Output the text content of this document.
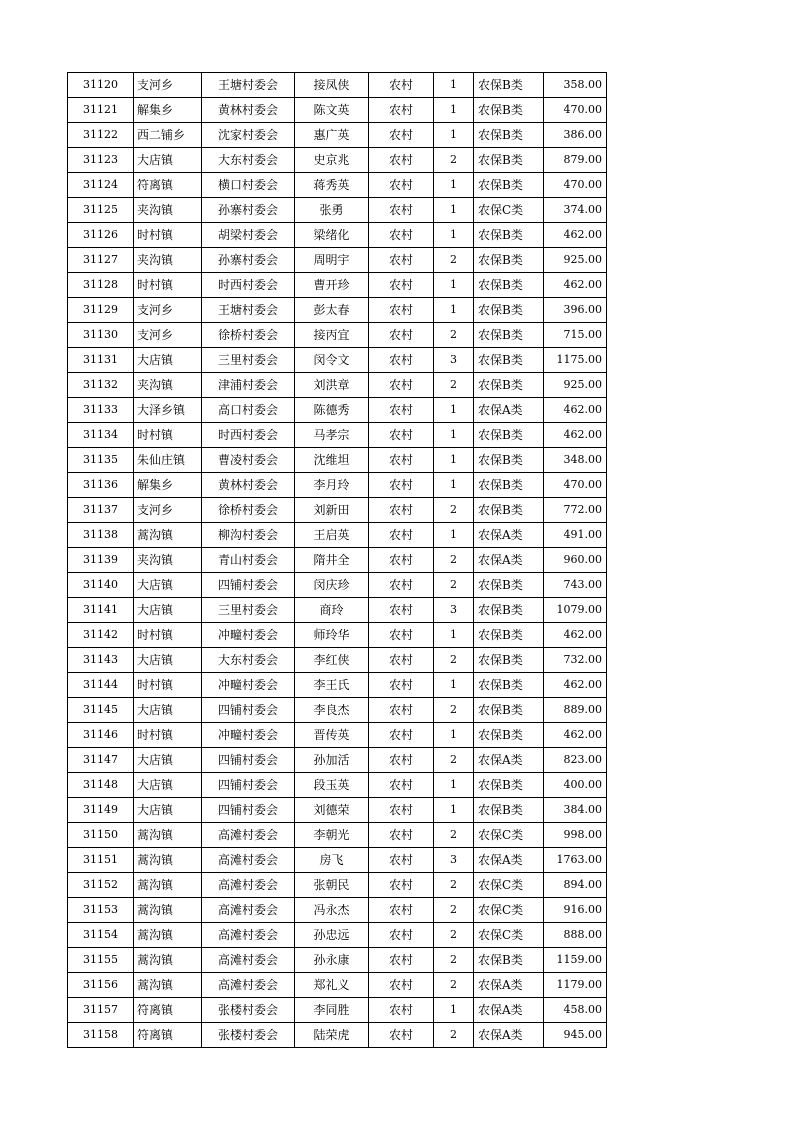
31120	支河乡	王塘村委会	接凤侠	农村	1	农保B类	358.00
31121	解集乡	黄林村委会	陈文英	农村	1	农保B类	470.00
31122	西二铺乡	沈家村委会	惠广英	农村	1	农保B类	386.00
31123	大店镇	大东村委会	史京兆	农村	2	农保B类	879.00
31124	符离镇	横口村委会	蒋秀英	农村	1	农保B类	470.00
31125	夹沟镇	孙寨村委会	张勇	农村	1	农保C类	374.00
31126	时村镇	胡梁村委会	梁绪化	农村	1	农保B类	462.00
31127	夹沟镇	孙寨村委会	周明宇	农村	2	农保B类	925.00
31128	时村镇	时西村委会	曹开珍	农村	1	农保B类	462.00
31129	支河乡	王塘村委会	彭太春	农村	1	农保B类	396.00
31130	支河乡	徐桥村委会	接丙宜	农村	2	农保B类	715.00
31131	大店镇	三里村委会	闵令文	农村	3	农保B类	1175.00
31132	夹沟镇	津浦村委会	刘洪章	农村	2	农保B类	925.00
31133	大泽乡镇	高口村委会	陈德秀	农村	1	农保A类	462.00
31134	时村镇	时西村委会	马孝宗	农村	1	农保B类	462.00
31135	朱仙庄镇	曹凌村委会	沈维坦	农村	1	农保B类	348.00
31136	解集乡	黄林村委会	李月玲	农村	1	农保B类	470.00
31137	支河乡	徐桥村委会	刘新田	农村	2	农保B类	772.00
31138	蒿沟镇	柳沟村委会	王启英	农村	1	农保A类	491.00
31139	夹沟镇	青山村委会	隋井全	农村	2	农保A类	960.00
31140	大店镇	四铺村委会	闵庆珍	农村	2	农保B类	743.00
31141	大店镇	三里村委会	商玲	农村	3	农保B类	1079.00
31142	时村镇	冲疃村委会	师玲华	农村	1	农保B类	462.00
31143	大店镇	大东村委会	李红侠	农村	2	农保B类	732.00
31144	时村镇	冲疃村委会	李王氏	农村	1	农保B类	462.00
31145	大店镇	四铺村委会	李良杰	农村	2	农保B类	889.00
31146	时村镇	冲疃村委会	晋传英	农村	1	农保B类	462.00
31147	大店镇	四铺村委会	孙加活	农村	2	农保A类	823.00
31148	大店镇	四铺村委会	段玉英	农村	1	农保B类	400.00
31149	大店镇	四铺村委会	刘德荣	农村	1	农保B类	384.00
31150	蒿沟镇	高滩村委会	李朝光	农村	2	农保C类	998.00
31151	蒿沟镇	高滩村委会	房飞	农村	3	农保A类	1763.00
31152	蒿沟镇	高滩村委会	张朝民	农村	2	农保C类	894.00
31153	蒿沟镇	高滩村委会	冯永杰	农村	2	农保C类	916.00
31154	蒿沟镇	高滩村委会	孙忠远	农村	2	农保C类	888.00
31155	蒿沟镇	高滩村委会	孙永康	农村	2	农保B类	1159.00
31156	蒿沟镇	高滩村委会	郑礼义	农村	2	农保A类	1179.00
31157	符离镇	张楼村委会	李同胜	农村	1	农保A类	458.00
31158	符离镇	张楼村委会	陆荣虎	农村	2	农保A类	945.00
